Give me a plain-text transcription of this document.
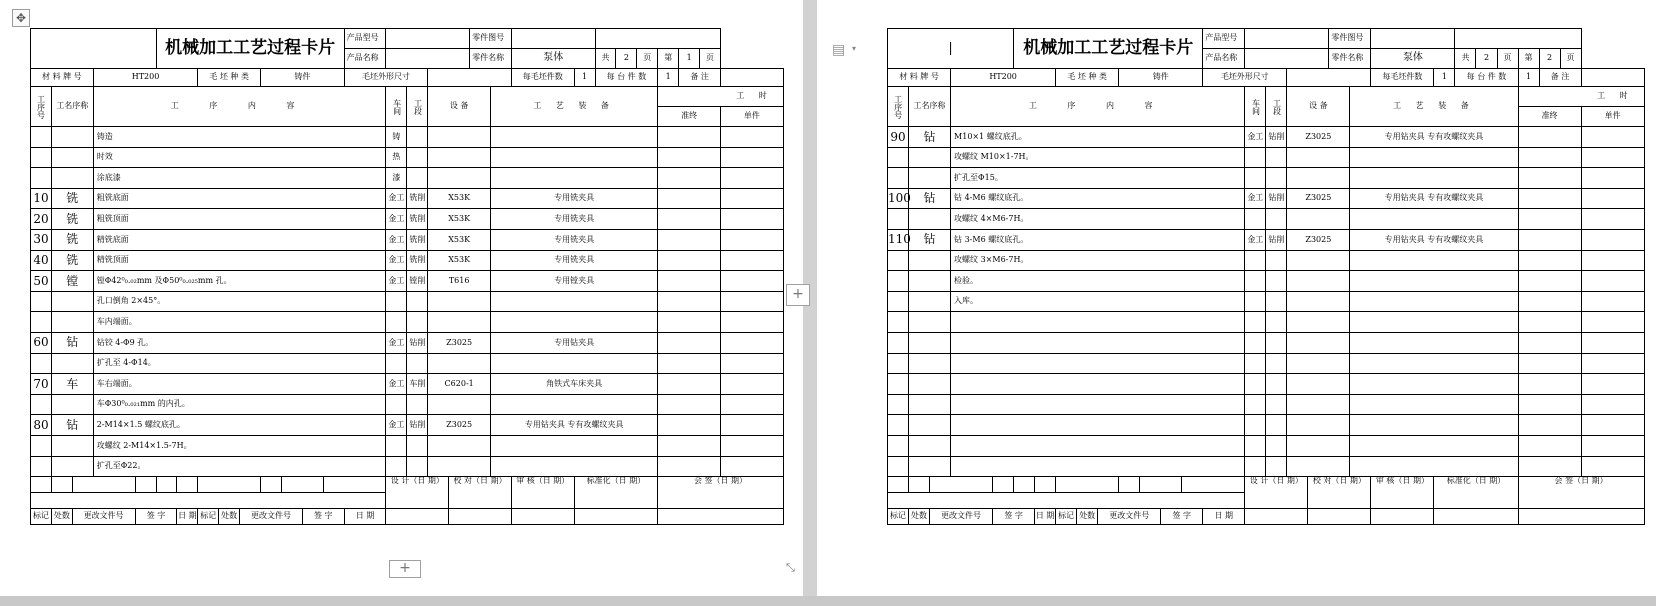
✥
+
+	⤡
▤ ▾
					机械加工工艺过程卡片									产品型号					零件图号										
														产品名称					零件名称		泵体		共	2	页	第	1	页	
材 料 牌 号			HT200				毛 坯 种 类			铸件				毛坯外形尺寸							每毛坯件数	1	每 台 件 数			1	备 注		
工序号	工名序称		工 序 内 容												车间	工段	设 备			工 艺 装 备						工 时			
																										准终			单件
			铸造												铸														
			时效												热														
			涂底漆												漆														
10	铣		粗铣底面												金工	铣削	X53K			专用铣夹具									
20	铣		粗铣顶面												金工	铣削	X53K			专用铣夹具									
30	铣		精铣底面												金工	铣削	X53K			专用铣夹具									
40	铣		精铣顶面												金工	铣削	X53K			专用铣夹具									
50	镗		镗Φ42⁰₀.₀₂mm 及Φ50⁰₀.₀₂₅mm 孔。												金工	镗削	T616			专用镗夹具									
			孔口倒角 2×45°。																										
			车内端面。																										
60	钻		钻铰 4-Φ9 孔。												金工	钻削	Z3025			专用钻夹具									
			扩孔至 4-Φ14。																										
70	车		车右端面。												金工	车削	C620-1			角铁式车床夹具									
			车Φ30⁰₀.₀₂₁mm 的内孔。																										
80	钻		2-M14×1.5 螺纹底孔。												金工	钻削	Z3025			专用钻夹具 专有攻螺纹夹具									
			攻螺纹 2-M14×1.5-7H。																										
			扩孔至Φ22。																										
															设 计（日 期）			校 对（日 期）			审 核（日 期）	标准化（日 期）				会 签（日 期）			

标记	处数	更改文件号		签 字		日 期	标记	处数	更改文件号			签 字		日 期															
|					机械加工工艺过程卡片									产品型号					零件图号										
														产品名称					零件名称		泵体		共	2	页	第	2	页	
材 料 牌 号			HT200				毛 坯 种 类			铸件				毛坯外形尺寸							每毛坯件数	1	每 台 件 数			1	备 注		
工序号	工名序称		工 序 内 容												车间	工段	设 备			工 艺 装 备						工 时			
																										准终			单件
90	钻		M10×1 螺纹底孔。												金工	钻削	Z3025			专用钻夹具 专有攻螺纹夹具									
			攻螺纹 M10×1-7H。																										
			扩孔至Φ15。																										
100	钻		钻 4-M6 螺纹底孔。												金工	钻削	Z3025			专用钻夹具 专有攻螺纹夹具									
			攻螺纹 4×M6-7H。																										
110	钻		钻 3-M6 螺纹底孔。												金工	钻削	Z3025			专用钻夹具 专有攻螺纹夹具									
			攻螺纹 3×M6-7H。																										
			检验。																										
			入库。																										

															设 计（日 期）			校 对（日 期）			审 核（日 期）	标准化（日 期）				会 签（日 期）			

标记	处数	更改文件号		签 字		日 期	标记	处数	更改文件号			签 字		日 期															
